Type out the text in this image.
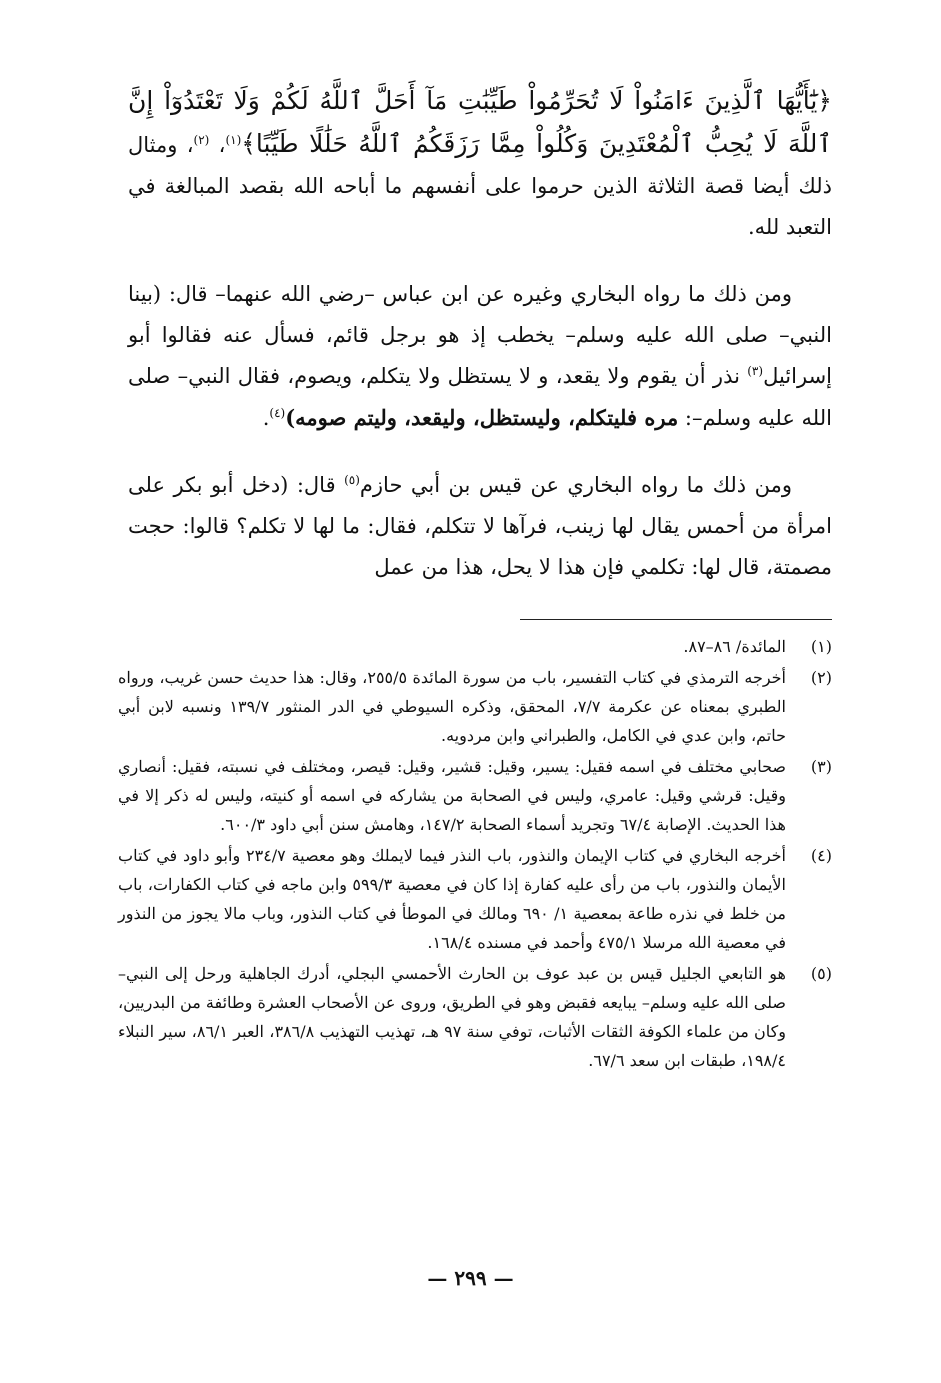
﴿يَٰٓأَيُّهَا ٱلَّذِينَ ءَامَنُواْ لَا تُحَرِّمُواْ طَيِّبَٰتِ مَآ أَحَلَّ ٱللَّهُ لَكُمْ وَلَا تَعْتَدُوٓاْ إِنَّ ٱللَّهَ لَا يُحِبُّ ٱلْمُعْتَدِينَ وَكُلُواْ مِمَّا رَزَقَكُمُ ٱللَّهُ حَلَٰلًا طَيِّبًا﴾$^{(١)}$، $^{(٢)}$، ومثال ذلك أيضا قصة الثلاثة الذين حرموا على أنفسهم ما أباحه الله بقصد المبالغة في التعبد لله.

ومن ذلك ما رواه البخاري وغيره عن ابن عباس –رضي الله عنهما– قال: (بينا النبي– صلى الله عليه وسلم– يخطب إذ هو برجل قائم، فسأل عنه فقالوا أبو إسرائيل$^{(٣)}$ نذر أن يقوم ولا يقعد، و لا يستظل ولا يتكلم، ويصوم، فقال النبي– صلى الله عليه وسلم–: مره فليتكلم، وليستظل، وليقعد، وليتم صومه)$^{(٤)}$.

ومن ذلك ما رواه البخاري عن قيس بن أبي حازم$^{(٥)}$ قال: (دخل أبو بكر على امرأة من أحمس يقال لها زينب، فرآها لا تتكلم، فقال: ما لها لا تكلم؟ قالوا: حجت مصمتة، قال لها: تكلمي فإن هذا لا يحل، هذا من عمل

(١)
المائدة/ ٨٦–٨٧.
(٢)
أخرجه الترمذي في كتاب التفسير، باب من سورة المائدة ٢٥٥/٥، وقال: هذا حديث حسن غريب، ورواه الطبري بمعناه عن عكرمة ٧/٧، المحقق، وذكره السيوطي في الدر المنثور ١٣٩/٧ ونسبه لابن أبي حاتم، وابن عدي في الكامل، والطبراني وابن مردويه.
(٣)
صحابي مختلف في اسمه فقيل: يسير، وقيل: قشير، وقيل: قيصر، ومختلف في نسبته، فقيل: أنصاري وقيل: قرشي وقيل: عامري، وليس في الصحابة من يشاركه في اسمه أو كنيته، وليس له ذكر إلا في هذا الحديث. الإصابة ٦٧/٤ وتجريد أسماء الصحابة ١٤٧/٢، وهامش سنن أبي داود ٦٠٠/٣.
(٤)
أخرجه البخاري في كتاب الإيمان والنذور، باب النذر فيما لايملك وهو معصية ٢٣٤/٧ وأبو داود في كتاب الأيمان والنذور، باب من رأى عليه كفارة إذا كان في معصية ٥٩٩/٣ وابن ماجه في كتاب الكفارات، باب من خلط في نذره طاعة بمعصية ١/ ٦٩٠ ومالك في الموطأ في كتاب النذور، وباب مالا يجوز من النذور في معصية الله مرسلا ٤٧٥/١ وأحمد في مسنده ١٦٨/٤.
(٥)
هو التابعي الجليل قيس بن عبد عوف بن الحارث الأحمسي البجلي، أدرك الجاهلية ورحل إلى النبي– صلى الله عليه وسلم– يبايعه فقبض وهو في الطريق، وروى عن الأصحاب العشرة وطائفة من البدريين، وكان من علماء الكوفة الثقات الأثبات، توفي سنة ٩٧ هـ، تهذيب التهذيب ٣٨٦/٨، العبر ٨٦/١، سير النبلاء ١٩٨/٤، طبقات ابن سعد ٦٧/٦.
— ٢٩٩ —
